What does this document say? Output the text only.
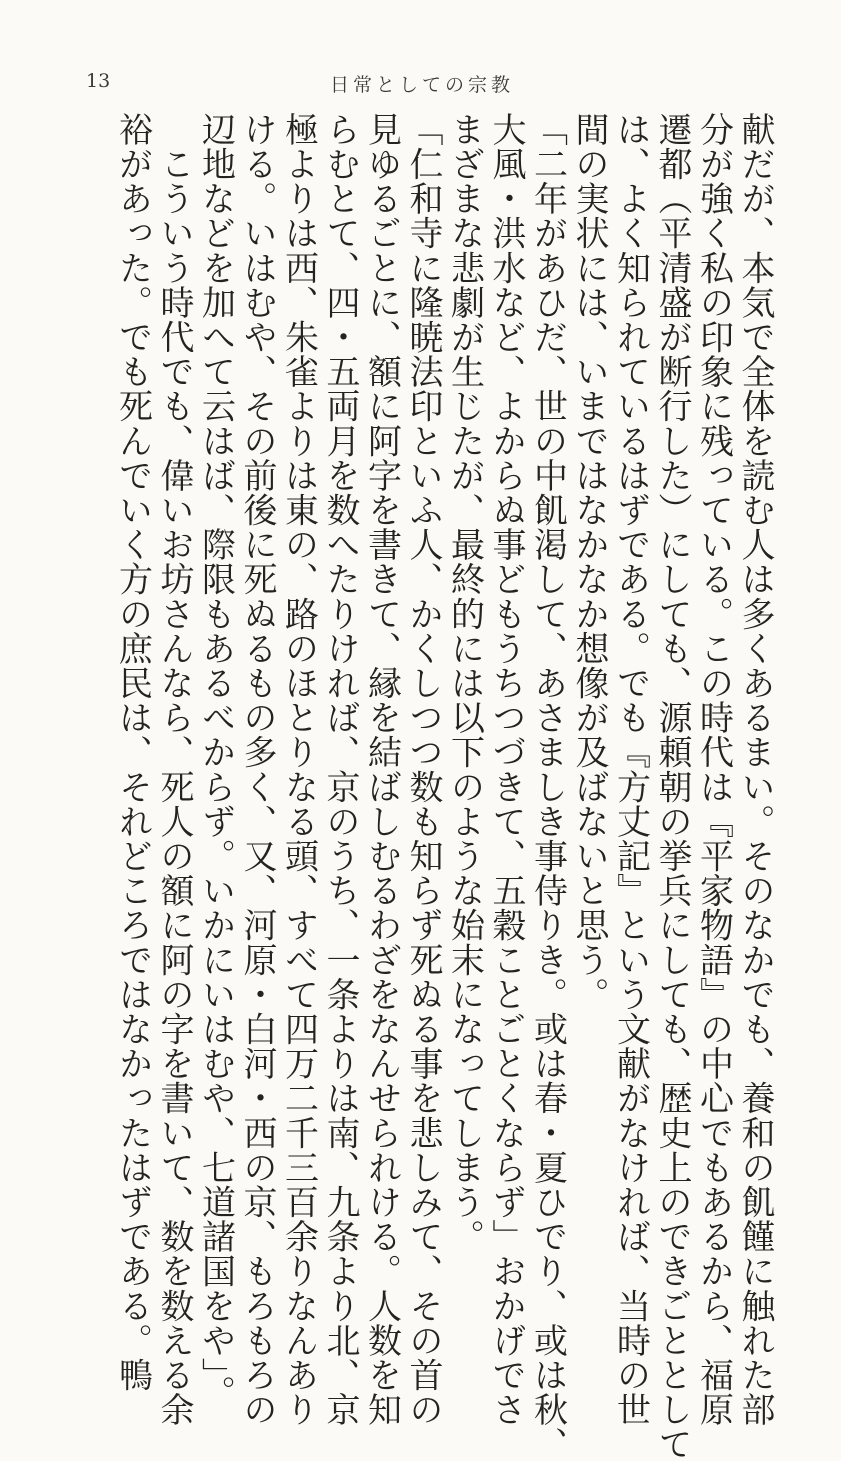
13	日常としての宗教

献だが、本気で全体を読む人は多くあるまい。そのなかでも、養和の飢饉に触れた部

分が強く私の印象に残っている。この時代は『平家物語』の中心でもあるから、福原

遷都（平清盛が断行した）にしても、源頼朝の挙兵にしても、歴史上のできごととして

は、よく知られているはずである。でも『方丈記』という文献がなければ、当時の世

間の実状には、いまではなかなか想像が及ばないと思う。

「二年があひだ、世の中飢渇して、あさましき事侍りき。或は春・夏ひでり、或は秋、

大風・洪水など、よからぬ事どもうちつづきて、五穀ことごとくならず」おかげでさ

まざまな悲劇が生じたが、最終的には以下のような始末になってしまう。

「仁和寺に隆暁法印といふ人、かくしつつ数も知らず死ぬる事を悲しみて、その首の

見ゆるごとに、額に阿字を書きて、縁を結ばしむるわざをなんせられける。人数を知

らむとて、四・五両月を数へたりければ、京のうち、一条よりは南、九条より北、京

極よりは西、朱雀よりは東の、路のほとりなる頭、すべて四万二千三百余りなんあり

ける。いはむや、その前後に死ぬるもの多く、又、河原・白河・西の京、もろもろの

辺地などを加へて云はば、際限もあるべからず。いかにいはむや、七道諸国をや」。

　こういう時代でも、偉いお坊さんなら、死人の額に阿の字を書いて、数を数える余

裕があった。でも死んでいく方の庶民は、それどころではなかったはずである。鴨
